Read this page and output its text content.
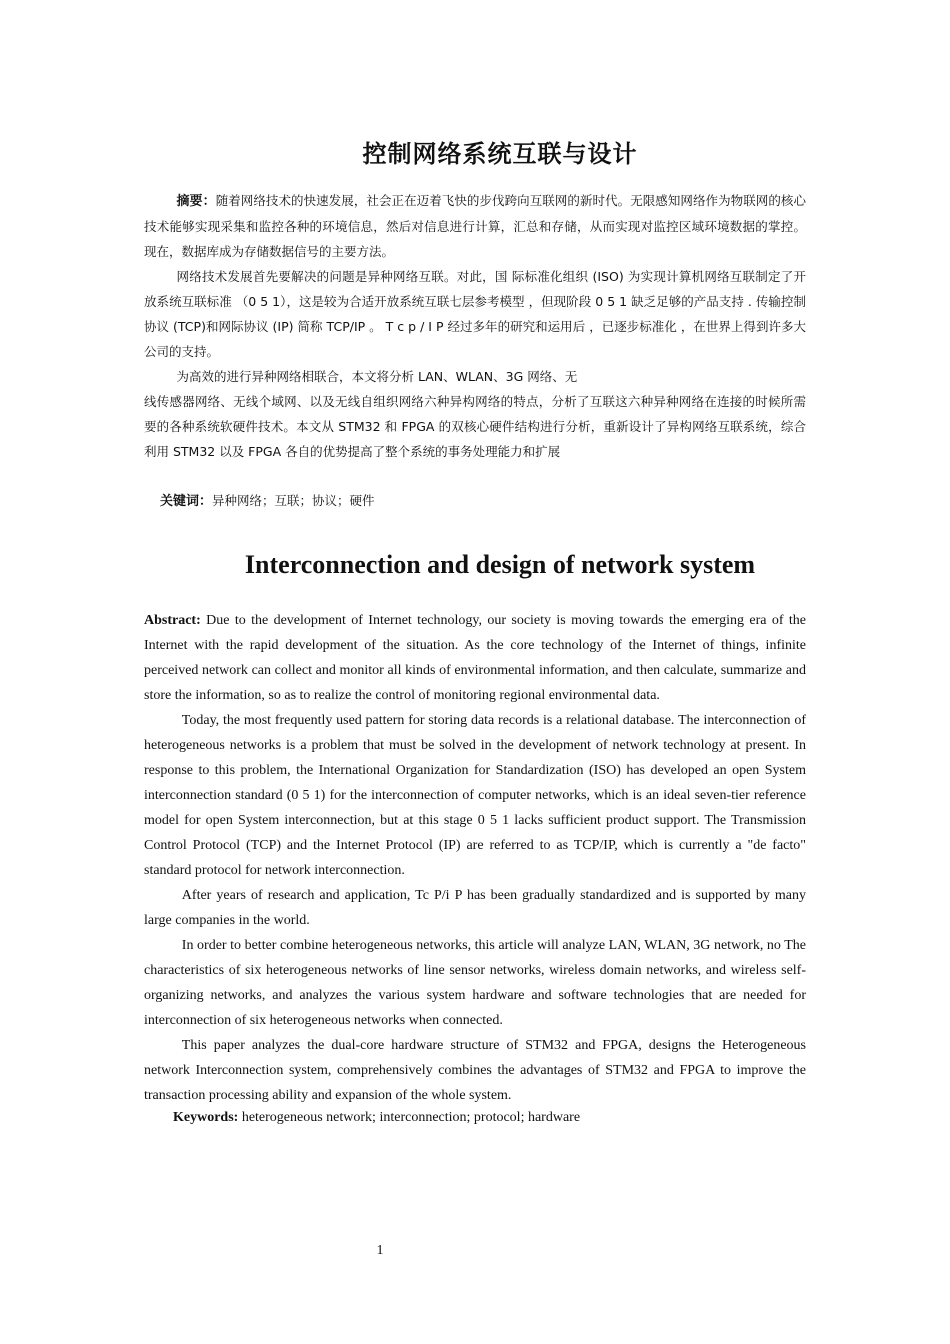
控制网络系统互联与设计

摘要：随着网络技术的快速发展，社会正在迈着飞快的步伐跨向互联网的新时代。无限感知网络作为物联网的核心技术能够实现采集和监控各种的环境信息，然后对信息进行计算，汇总和存储，从而实现对监控区域环境数据的掌控。现在，数据库成为存储数据信号的主要方法。

网络技术发展首先要解决的问题是异种网络互联。对此，国 际标准化组织 (ISO) 为实现计算机网络互联制定了开放系统互联标准 （0 5 1），这是较为合适开放系统互联七层参考模型 ，但现阶段 0 5 1 缺乏足够的产品支持 . 传输控制协议 (TCP)和网际协议 (IP) 简称 TCP/IP 。 T c p / I P 经过多年的研究和运用后 ，已逐步标准化 ，在世界上得到许多大公司的支持。

为高效的进行异种网络相联合，本文将分析 LAN、WLAN、3G 网络、无

线传感器网络、无线个域网、以及无线自组织网络六种异构网络的特点，分析了互联这六种异种网络在连接的时候所需要的各种系统软硬件技术。本文从 STM32 和 FPGA 的双核心硬件结构进行分析，重新设计了异构网络互联系统，综合利用 STM32 以及 FPGA 各自的优势提高了整个系统的事务处理能力和扩展

关键词：异种网络；互联；协议；硬件
Interconnection and design of network system

Abstract: Due to the development of Internet technology, our society is moving towards the emerging era of the Internet with the rapid development of the situation. As the core technology of the Internet of things, infinite perceived network can collect and monitor all kinds of environmental information, and then calculate, summarize and store the information, so as to realize the control of monitoring regional environmental data.

Today, the most frequently used pattern for storing data records is a relational database. The interconnection of heterogeneous networks is a problem that must be solved in the development of network technology at present. In response to this problem, the International Organization for Standardization (ISO) has developed an open System interconnection standard (0 5 1) for the interconnection of computer networks, which is an ideal seven-tier reference model for open System interconnection, but at this stage 0 5 1 lacks sufficient product support. The Transmission Control Protocol (TCP) and the Internet Protocol (IP) are referred to as TCP/IP, which is currently a "de facto" standard protocol for network interconnection.

After years of research and application, Tc P/i P has been gradually standardized and is supported by many large companies in the world.

In order to better combine heterogeneous networks, this article will analyze LAN, WLAN, 3G network, no The characteristics of six heterogeneous networks of line sensor networks, wireless domain networks, and wireless self-organizing networks, and analyzes the various system hardware and software technologies that are needed for interconnection of six heterogeneous networks when connected.

This paper analyzes the dual-core hardware structure of STM32 and FPGA, designs the Heterogeneous network Interconnection system, comprehensively combines the advantages of STM32 and FPGA to improve the transaction processing ability and expansion of the whole system.

Keywords: heterogeneous network; interconnection; protocol; hardware
1
